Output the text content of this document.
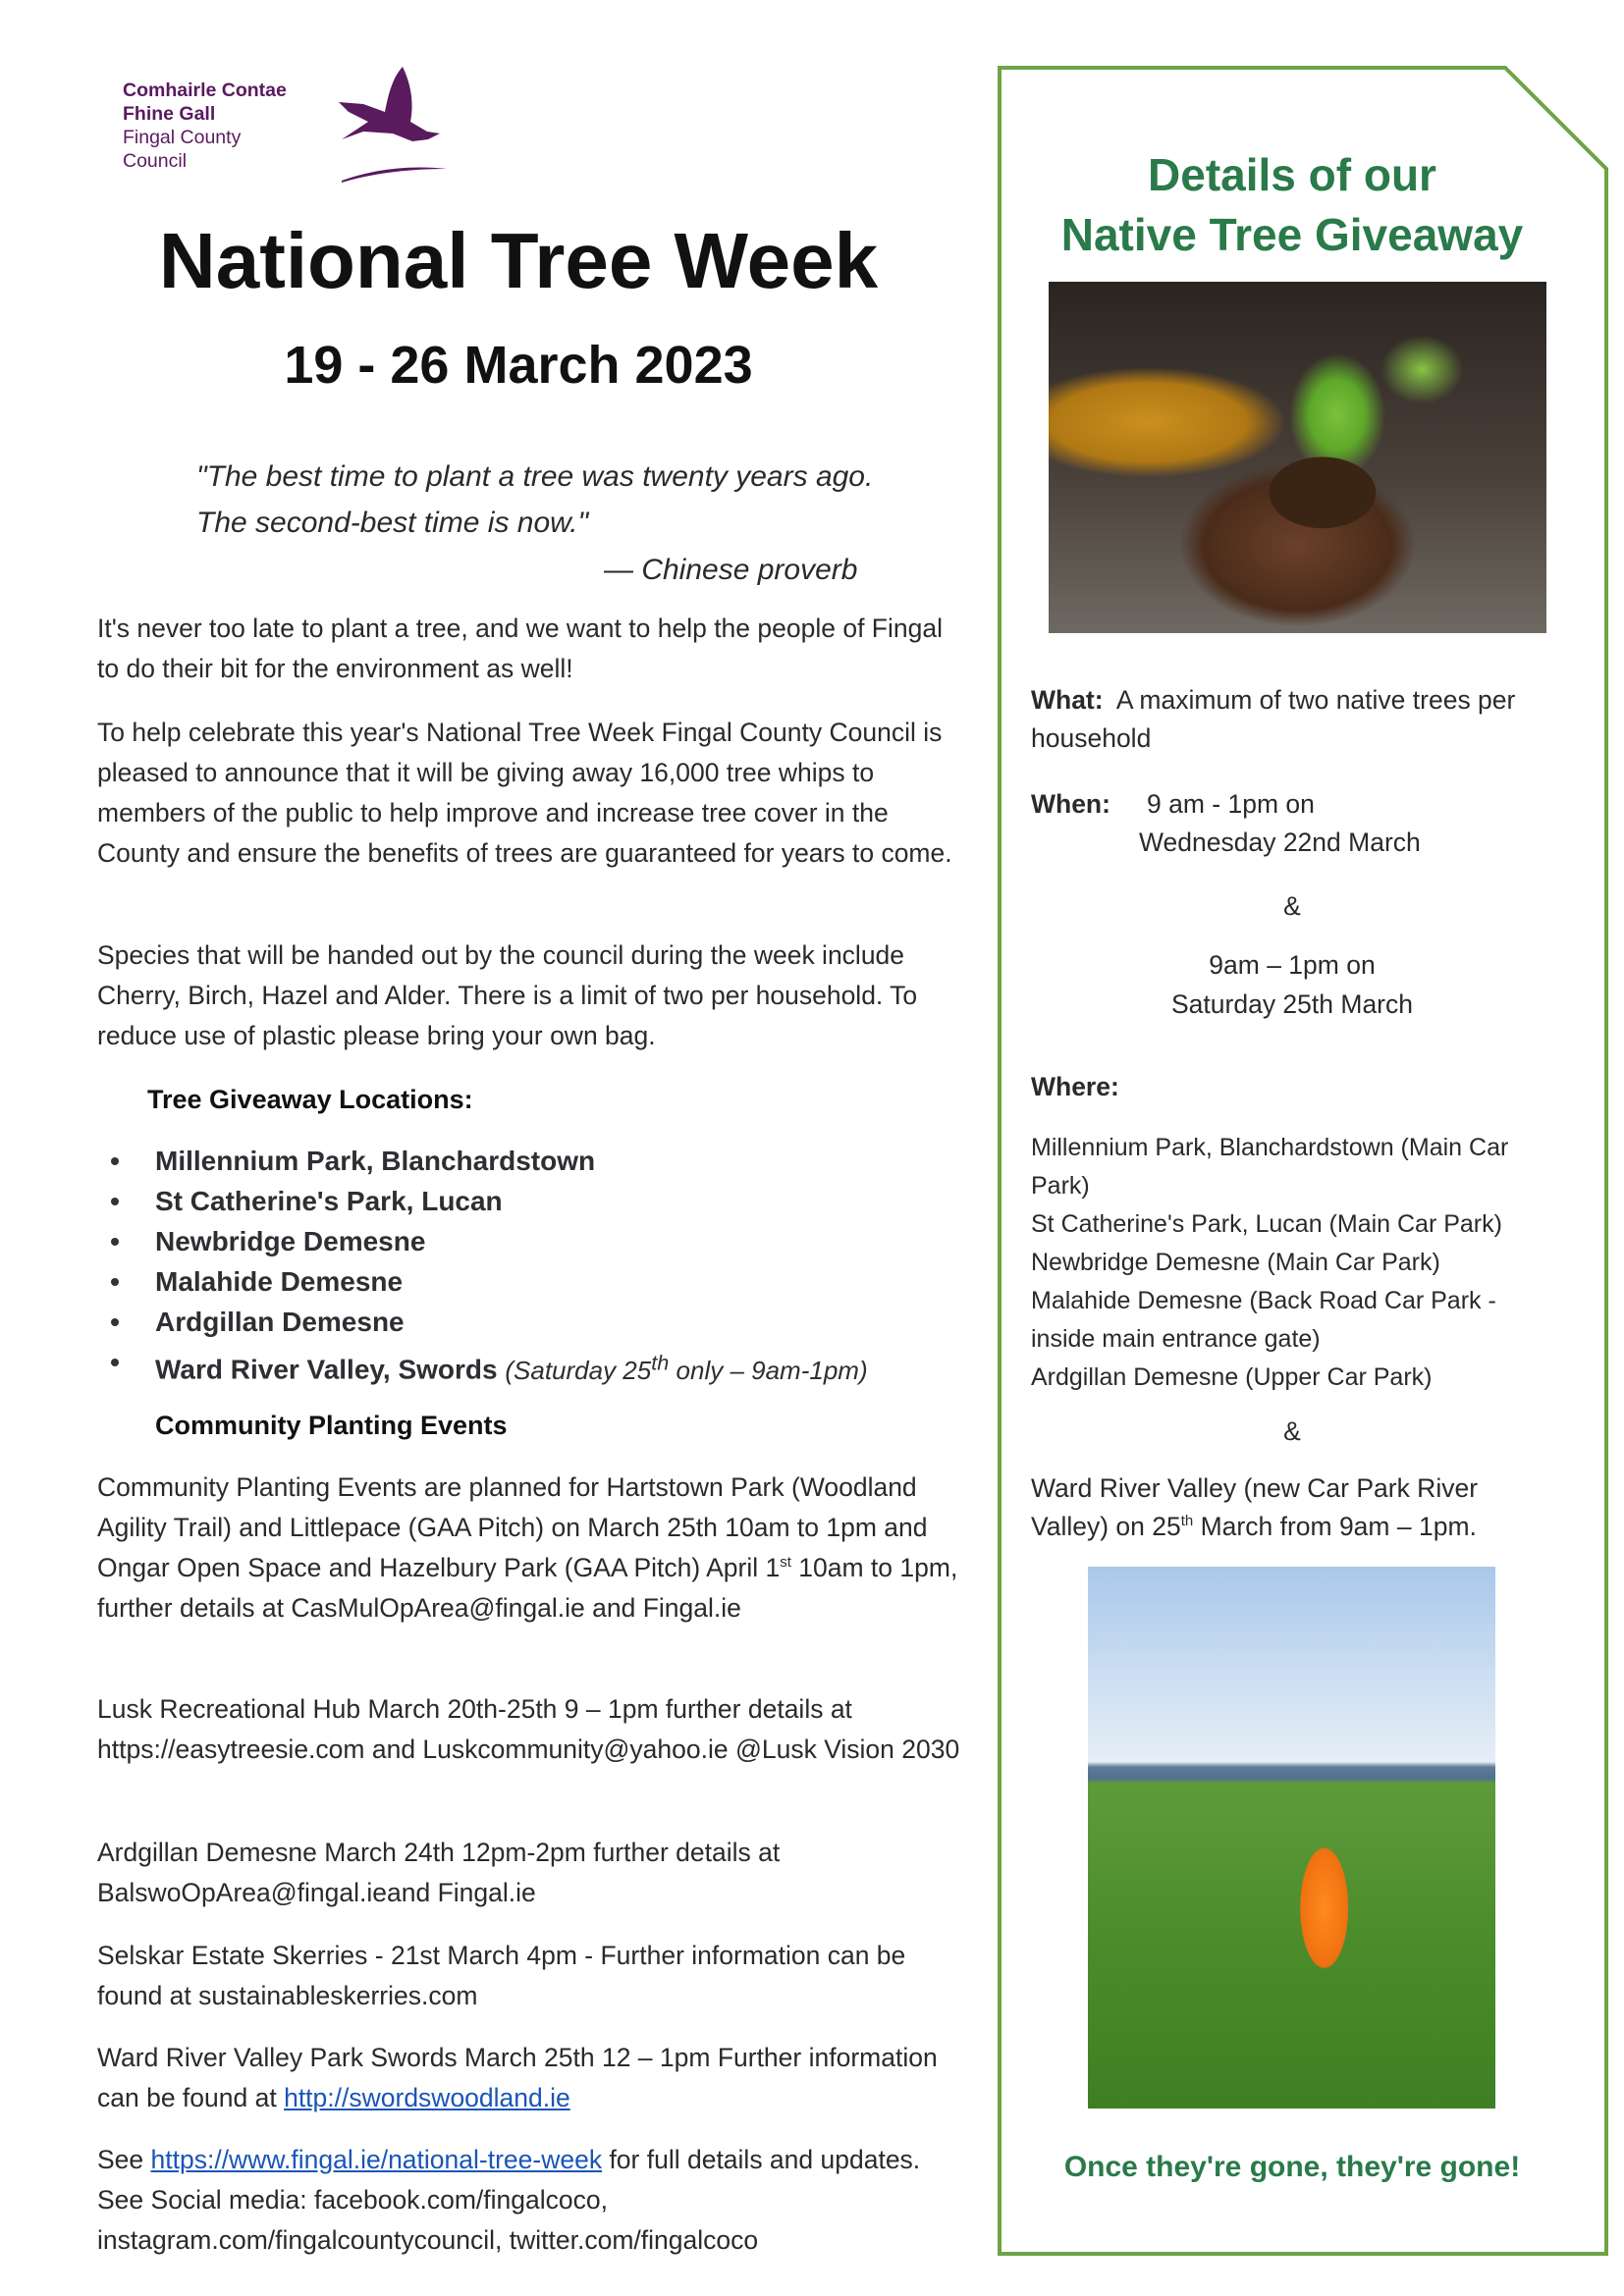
Comhairle Contae
Fhine Gall
Fingal County
Council
National Tree Week
19 - 26 March 2023
"The best time to plant a tree was twenty years ago.
The second-best time is now."
— Chinese proverb
It's never too late to plant a tree, and we want to help the people of Fingal to do their bit for the environment as well!
To help celebrate this year's National Tree Week Fingal County Council is pleased to announce that it will be giving away 16,000 tree whips to members of the public to help improve and increase tree cover in the County and ensure the benefits of trees are guaranteed for years to come.
Species that will be handed out by the council during the week include Cherry, Birch, Hazel and Alder. There is a limit of two per household. To reduce use of plastic please bring your own bag.
Tree Giveaway Locations:
Millennium Park, Blanchardstown
St Catherine's Park, Lucan
Newbridge Demesne
Malahide Demesne
Ardgillan Demesne
Ward River Valley, Swords (Saturday 25th only – 9am-1pm)
Community Planting Events
Community Planting Events are planned for Hartstown Park (Woodland Agility Trail) and Littlepace (GAA Pitch) on March 25th 10am to 1pm and Ongar Open Space and Hazelbury Park (GAA Pitch) April 1st 10am to 1pm, further details at CasMulOpArea@fingal.ie and Fingal.ie
Lusk Recreational Hub March 20th-25th 9 – 1pm further details at https://easytreesie.com and Luskcommunity@yahoo.ie @Lusk Vision 2030
Ardgillan Demesne March 24th 12pm-2pm further details at BalswoOpArea@fingal.ieand Fingal.ie
Selskar Estate Skerries - 21st March 4pm - Further information can be found at sustainableskerries.com
Ward River Valley Park Swords March 25th 12 – 1pm Further information can be found at http://swordswoodland.ie
See https://www.fingal.ie/national-tree-week for full details and updates. See Social media: facebook.com/fingalcoco, instagram.com/fingalcountycouncil, twitter.com/fingalcoco
Details of our
Native Tree Giveaway
What: A maximum of two native trees per household
When: 9 am - 1pm on
Wednesday 22nd March
&
9am – 1pm on
Saturday 25th March
Where:
Millennium Park, Blanchardstown (Main Car Park)
St Catherine's Park, Lucan (Main Car Park)
Newbridge Demesne (Main Car Park)
Malahide Demesne (Back Road Car Park - inside main entrance gate)
Ardgillan Demesne (Upper Car Park)
&
Ward River Valley (new Car Park River Valley) on 25th March from 9am – 1pm.
Once they're gone, they're gone!
